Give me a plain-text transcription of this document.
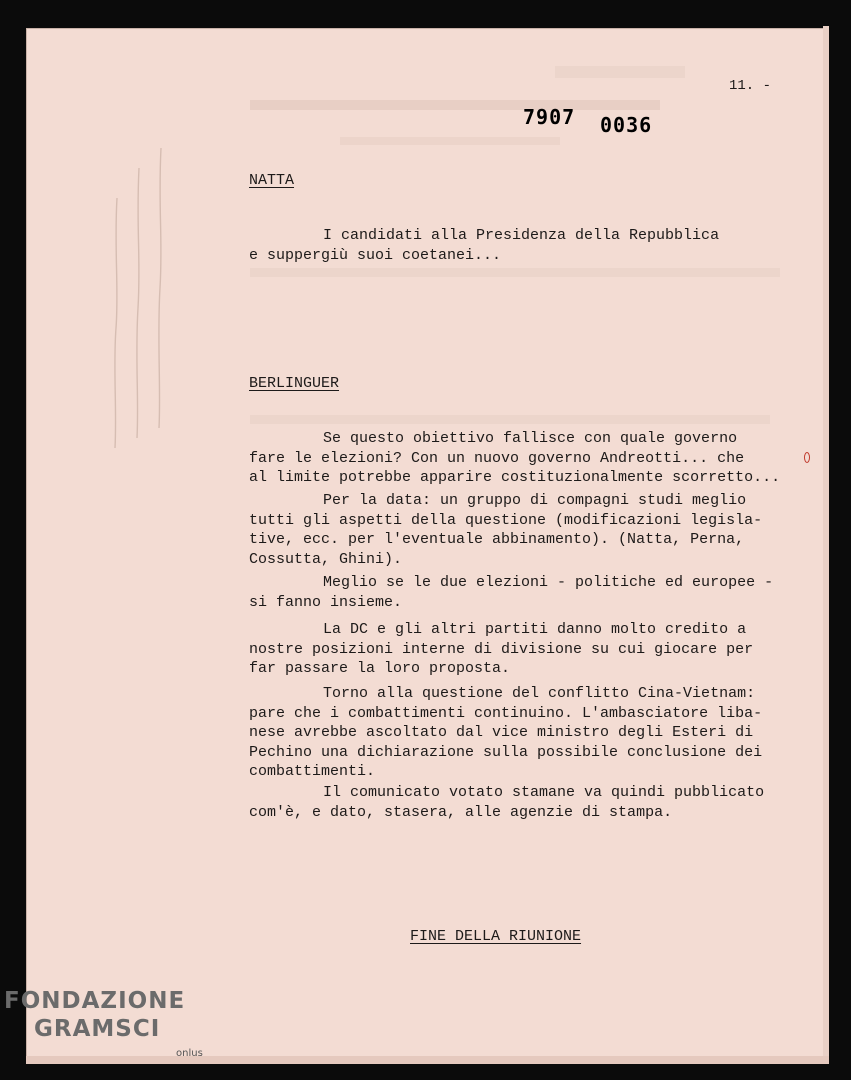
11. -
7907 0036
NATTA
I candidati alla Presidenza della Repubblica
e suppergiù suoi coetanei...
BERLINGUER
Se questo obiettivo fallisce con quale governo
fare le elezioni? Con un nuovo governo Andreotti... che
al limite potrebbe apparire costituzionalmente scorretto...
Per la data: un gruppo di compagni studi meglio
tutti gli aspetti della questione (modificazioni legisla-
tive, ecc. per l'eventuale abbinamento). (Natta, Perna,
Cossutta, Ghini).
Meglio se le due elezioni - politiche ed europee -
si fanno insieme.
La DC e gli altri partiti danno molto credito a
nostre posizioni interne di divisione su cui giocare per
far passare la loro proposta.
Torno alla questione del conflitto Cina-Vietnam:
pare che i combattimenti continuino. L'ambasciatore liba-
nese avrebbe ascoltato dal vice ministro degli Esteri di
Pechino una dichiarazione sulla possibile conclusione dei
combattimenti.
Il comunicato votato stamane va quindi pubblicato
com'è, e dato, stasera, alle agenzie di stampa.
FINE DELLA RIUNIONE
FONDAZIONE
GRAMSCI
onlus
